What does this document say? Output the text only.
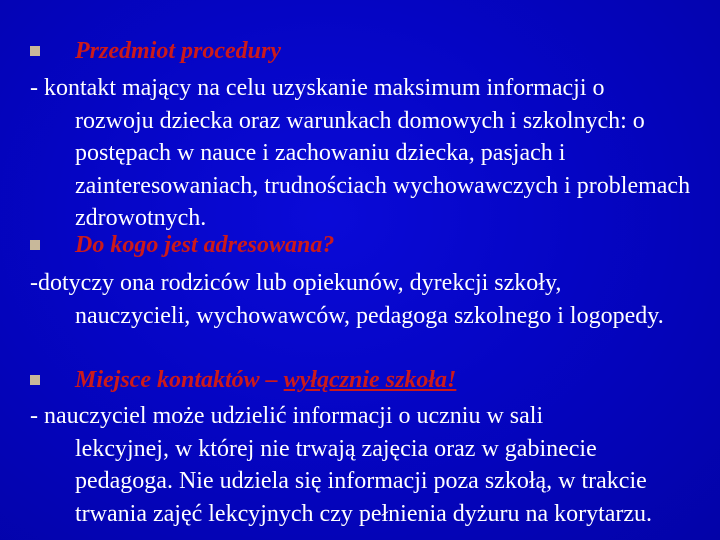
Przedmiot procedury
- kontakt mający na celu uzyskanie maksimum informacji o
rozwoju dziecka oraz warunkach domowych i szkolnych: o postępach w nauce i zachowaniu dziecka, pasjach i zainteresowaniach, trudnościach wychowawczych i problemach zdrowotnych.
Do kogo jest adresowana?
-dotyczy ona rodziców lub opiekunów, dyrekcji szkoły,
nauczycieli, wychowawców, pedagoga szkolnego i logopedy.
Miejsce kontaktów – wyłącznie szkoła!
- nauczyciel może udzielić informacji o uczniu w sali
lekcyjnej, w której nie trwają zajęcia oraz w gabinecie pedagoga. Nie udziela się informacji poza szkołą, w trakcie trwania zajęć lekcyjnych czy pełnienia dyżuru na korytarzu.
